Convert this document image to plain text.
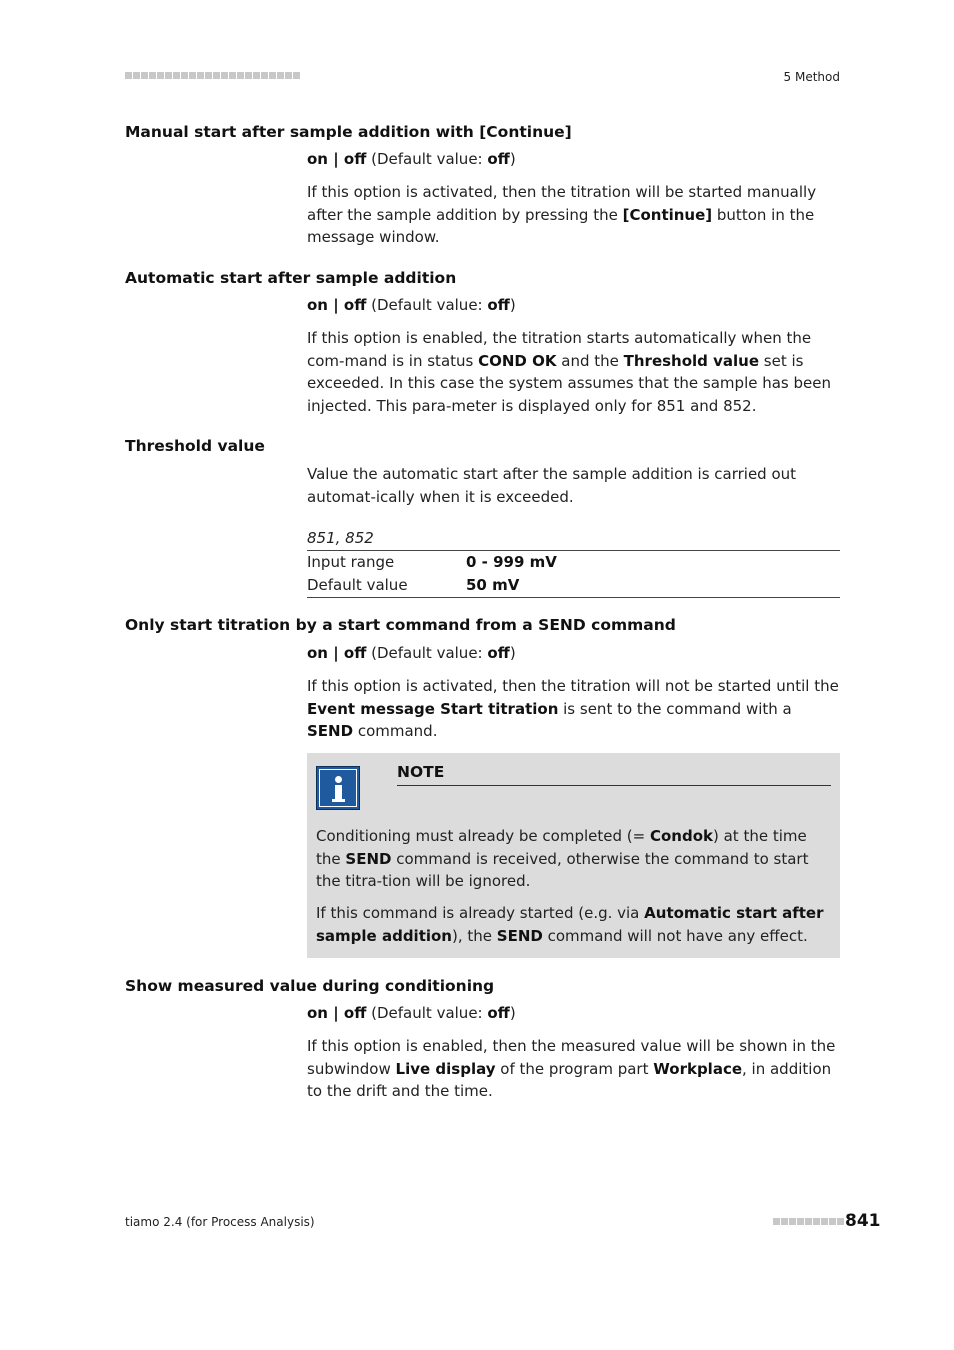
5 Method
Manual start after sample addition with [Continue]
on | off (Default value: off)
If this option is activated, then the titration will be started manually after the sample addition by pressing the [Continue] button in the message window.
Automatic start after sample addition
on | off (Default value: off)
If this option is enabled, the titration starts automatically when the com-mand is in status COND OK and the Threshold value set is exceeded. In this case the system assumes that the sample has been injected. This para-meter is displayed only for 851 and 852.
Threshold value
Value the automatic start after the sample addition is carried out automat-ically when it is exceeded.
851, 852
Input range	0 - 999 mV
Default value	50 mV
Only start titration by a start command from a SEND command
on | off (Default value: off)
If this option is activated, then the titration will not be started until the Event message Start titration is sent to the command with a SEND command.
NOTE
Conditioning must already be completed (= Condok) at the time the SEND command is received, otherwise the command to start the titra-tion will be ignored.
If this command is already started (e.g. via Automatic start after sample addition), the SEND command will not have any effect.
Show measured value during conditioning
on | off (Default value: off)
If this option is enabled, then the measured value will be shown in the subwindow Live display of the program part Workplace, in addition to the drift and the time.
tiamo 2.4 (for Process Analysis)	841
